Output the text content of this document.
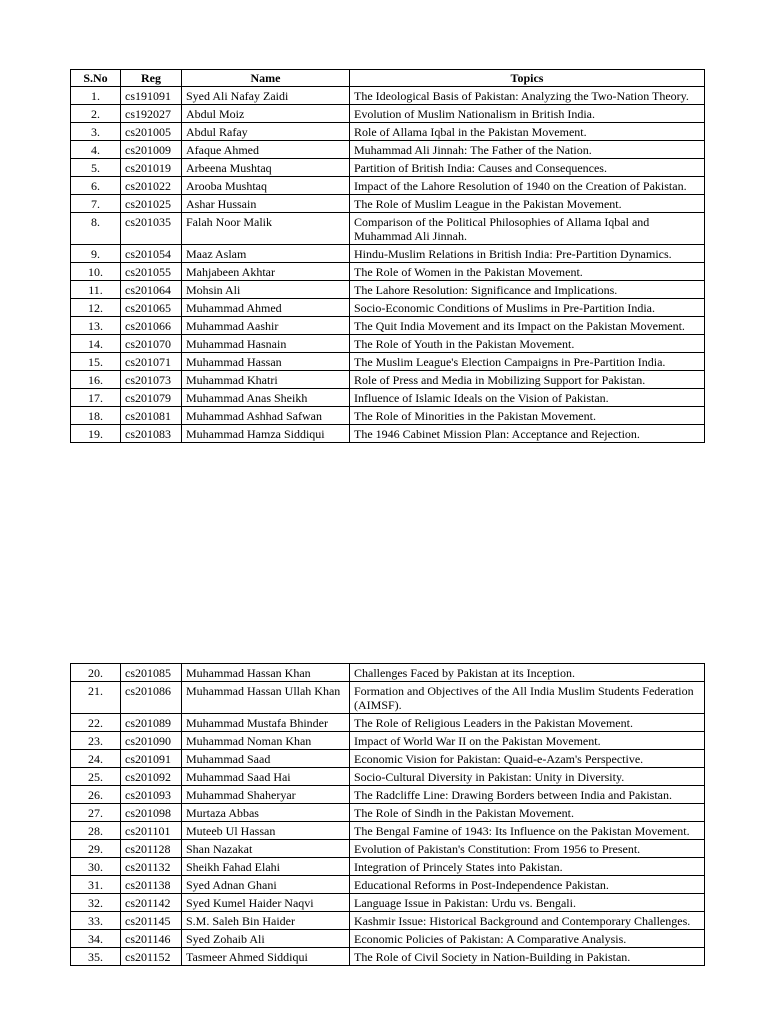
S.No	Reg	Name	Topics
1.	cs191091	Syed Ali Nafay Zaidi	The Ideological Basis of Pakistan: Analyzing the Two-Nation Theory.
2.	cs192027	Abdul Moiz	Evolution of Muslim Nationalism in British India.
3.	cs201005	Abdul Rafay	Role of Allama Iqbal in the Pakistan Movement.
4.	cs201009	Afaque Ahmed	Muhammad Ali Jinnah: The Father of the Nation.
5.	cs201019	Arbeena Mushtaq	Partition of British India: Causes and Consequences.
6.	cs201022	Arooba Mushtaq	Impact of the Lahore Resolution of 1940 on the Creation of Pakistan.
7.	cs201025	Ashar Hussain	The Role of Muslim League in the Pakistan Movement.
8.	cs201035	Falah Noor Malik	Comparison of the Political Philosophies of Allama Iqbal and Muhammad Ali Jinnah.
9.	cs201054	Maaz Aslam	Hindu-Muslim Relations in British India: Pre-Partition Dynamics.
10.	cs201055	Mahjabeen Akhtar	The Role of Women in the Pakistan Movement.
11.	cs201064	Mohsin Ali	The Lahore Resolution: Significance and Implications.
12.	cs201065	Muhammad Ahmed	Socio-Economic Conditions of Muslims in Pre-Partition India.
13.	cs201066	Muhammad Aashir	The Quit India Movement and its Impact on the Pakistan Movement.
14.	cs201070	Muhammad Hasnain	The Role of Youth in the Pakistan Movement.
15.	cs201071	Muhammad Hassan	The Muslim League's Election Campaigns in Pre-Partition India.
16.	cs201073	Muhammad Khatri	Role of Press and Media in Mobilizing Support for Pakistan.
17.	cs201079	Muhammad Anas Sheikh	Influence of Islamic Ideals on the Vision of Pakistan.
18.	cs201081	Muhammad Ashhad Safwan	The Role of Minorities in the Pakistan Movement.
19.	cs201083	Muhammad Hamza Siddiqui	The 1946 Cabinet Mission Plan: Acceptance and Rejection.
20.	cs201085	Muhammad Hassan Khan	Challenges Faced by Pakistan at its Inception.
21.	cs201086	Muhammad Hassan Ullah Khan	Formation and Objectives of the All India Muslim Students Federation (AIMSF).
22.	cs201089	Muhammad Mustafa Bhinder	The Role of Religious Leaders in the Pakistan Movement.
23.	cs201090	Muhammad Noman Khan	Impact of World War II on the Pakistan Movement.
24.	cs201091	Muhammad Saad	Economic Vision for Pakistan: Quaid-e-Azam's Perspective.
25.	cs201092	Muhammad Saad Hai	Socio-Cultural Diversity in Pakistan: Unity in Diversity.
26.	cs201093	Muhammad Shaheryar	The Radcliffe Line: Drawing Borders between India and Pakistan.
27.	cs201098	Murtaza Abbas	The Role of Sindh in the Pakistan Movement.
28.	cs201101	Muteeb Ul Hassan	The Bengal Famine of 1943: Its Influence on the Pakistan Movement.
29.	cs201128	Shan Nazakat	Evolution of Pakistan's Constitution: From 1956 to Present.
30.	cs201132	Sheikh Fahad Elahi	Integration of Princely States into Pakistan.
31.	cs201138	Syed Adnan Ghani	Educational Reforms in Post-Independence Pakistan.
32.	cs201142	Syed Kumel Haider Naqvi	Language Issue in Pakistan: Urdu vs. Bengali.
33.	cs201145	S.M. Saleh Bin Haider	Kashmir Issue: Historical Background and Contemporary Challenges.
34.	cs201146	Syed Zohaib Ali	Economic Policies of Pakistan: A Comparative Analysis.
35.	cs201152	Tasmeer Ahmed Siddiqui	The Role of Civil Society in Nation-Building in Pakistan.
